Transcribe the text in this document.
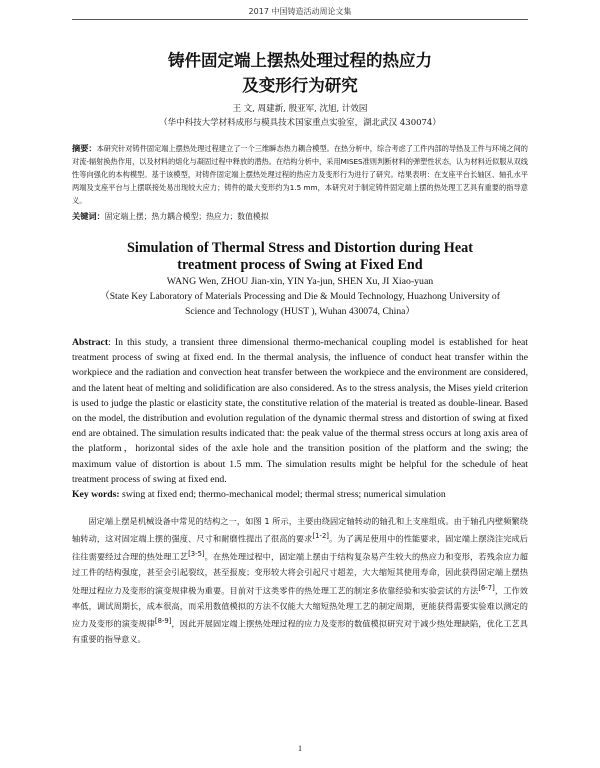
2017 中国铸造活动周论文集
铸件固定端上摆热处理过程的热应力
及变形行为研究
王 文, 周建新, 殷亚军, 沈旭, 计效园
（华中科技大学材料成形与模具技术国家重点实验室，湖北武汉 430074）
摘要：本研究针对铸件固定端上摆热处理过程建立了一个三维瞬态热力耦合模型。在热分析中，综合考虑了工件内部的导热及工件与环境之间的对流-辐射换热作用，以及材料的熔化与凝固过程中释放的潜热。在结构分析中，采用MISES准则判断材料的弹塑性状态，认为材料近似服从双线性等向强化的本构模型。基于该模型，对铸件固定端上摆热处理过程的热应力及变形行为进行了研究。结果表明：在支座平台长轴区、轴孔水平两端及支座平台与上摆联接处易出现较大应力；铸件的最大变形约为1.5 mm，本研究对于制定铸件固定端上摆的热处理工艺具有重要的指导意义。
关键词：固定端上摆；热力耦合模型；热应力；数值模拟
Simulation of Thermal Stress and Distortion during Heat
treatment process of Swing at Fixed End
WANG Wen, ZHOU Jian-xin, YIN Ya-jun, SHEN Xu, JI Xiao-yuan
（State Key Laboratory of Materials Processing and Die & Mould Technology, Huazhong University of
Science and Technology (HUST ), Wuhan 430074, China）
Abstract: In this study, a transient three dimensional thermo-mechanical coupling model is established for heat treatment process of swing at fixed end. In the thermal analysis, the influence of conduct heat transfer within the workpiece and the radiation and convection heat transfer between the workpiece and the environment are considered, and the latent heat of melting and solidification are also considered. As to the stress analysis, the Mises yield criterion is used to judge the plastic or elasticity state, the constitutive relation of the material is treated as double-linear. Based on the model, the distribution and evolution regulation of the dynamic thermal stress and distortion of swing at fixed end are obtained. The simulation results indicated that: the peak value of the thermal stress occurs at long axis area of the platform，horizontal sides of the axle hole and the transition position of the platform and the swing; the maximum value of distortion is about 1.5 mm. The simulation results might be helpful for the schedule of heat treatment process of swing at fixed end.
Key words: swing at fixed end; thermo-mechanical model; thermal stress; numerical simulation
固定端上摆是机械设备中常见的结构之一，如图 1 所示，主要由绕固定轴转动的轴孔和上支座组成。由于轴孔内壁频繁绕轴转动，这对固定端上摆的强度、尺寸和耐磨性提出了很高的要求[1-2]。为了满足使用中的性能要求，固定端上摆浇注完成后往往需要经过合理的热处理工艺[3-5]。在热处理过程中，固定端上摆由于结构复杂易产生较大的热应力和变形，若残余应力超过工件的结构强度，甚至会引起裂纹，甚至报废；变形较大将会引起尺寸超差，大大缩短其使用寿命，因此获得固定端上摆热处理过程应力及变形的演变规律极为重要。目前对于这类零件的热处理工艺的制定多依靠经验和实验尝试的方法[6-7]，工作效率低，调试周期长，成本很高，而采用数值模拟的方法不仅能大大缩短热处理工艺的制定周期，更能获得需要实验难以测定的应力及变形的演变规律[8-9]，因此开展固定端上摆热处理过程的应力及变形的数值模拟研究对于减少热处理缺陷，优化工艺具有重要的指导意义。
1
